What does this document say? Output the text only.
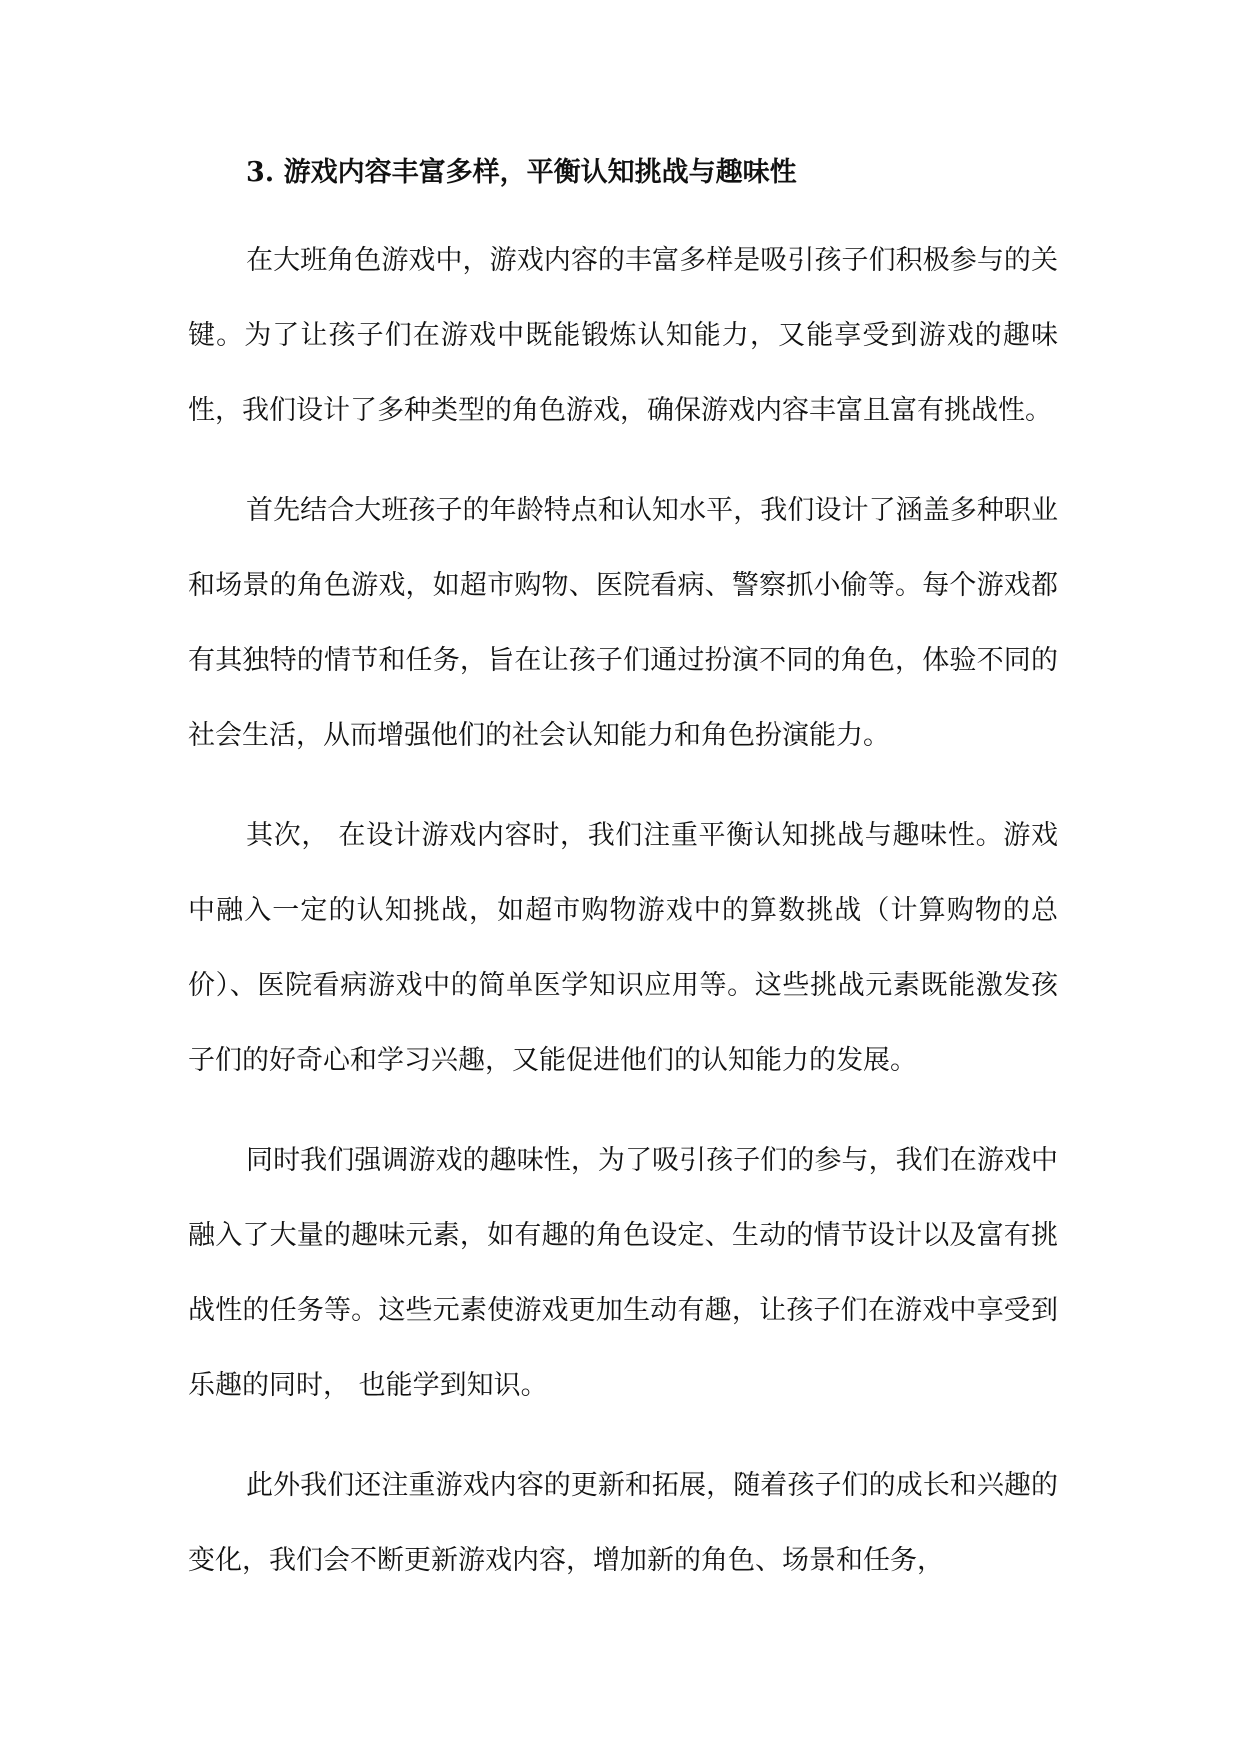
3. 游戏内容丰富多样，平衡认知挑战与趣味性

在大班角色游戏中，游戏内容的丰富多样是吸引孩子们积极参与的关键。为了让孩子们在游戏中既能锻炼认知能力，又能享受到游戏的趣味性，我们设计了多种类型的角色游戏，确保游戏内容丰富且富有挑战性。

首先结合大班孩子的年龄特点和认知水平，我们设计了涵盖多种职业和场景的角色游戏，如超市购物、医院看病、警察抓小偷等。每个游戏都有其独特的情节和任务，旨在让孩子们通过扮演不同的角色，体验不同的社会生活，从而增强他们的社会认知能力和角色扮演能力。

其次， 在设计游戏内容时，我们注重平衡认知挑战与趣味性。游戏中融入一定的认知挑战，如超市购物游戏中的算数挑战（计算购物的总价）、医院看病游戏中的简单医学知识应用等。这些挑战元素既能激发孩子们的好奇心和学习兴趣，又能促进他们的认知能力的发展。

同时我们强调游戏的趣味性，为了吸引孩子们的参与，我们在游戏中融入了大量的趣味元素，如有趣的角色设定、生动的情节设计以及富有挑战性的任务等。这些元素使游戏更加生动有趣，让孩子们在游戏中享受到乐趣的同时， 也能学到知识。

此外我们还注重游戏内容的更新和拓展，随着孩子们的成长和兴趣的变化，我们会不断更新游戏内容，增加新的角色、场景和任务，
